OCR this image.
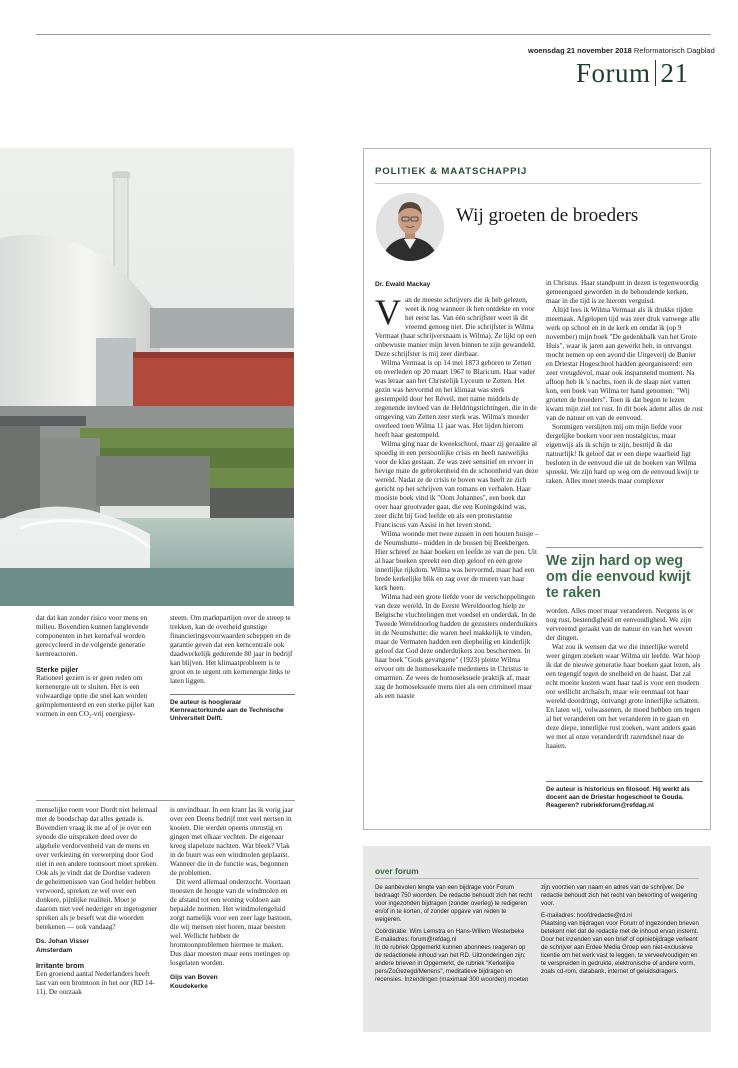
woensdag 21 november 2018 Reformatorisch Dagblad
Forum 21

dat dat kan zonder risico voor mens en milieu. Bovendien kunnen langlevende componenten in het kernafval worden gerecycleerd in de volgende generatie kernreactoren.

Sterke pijler

Rationeel gezien is er geen reden om kernenergie uit te sluiten. Het is een volwaardige optie die snel kan worden geïmplementeerd en een sterke pijler kan vormen in een CO₂-vrij energiesy-

steem. Om marktpartijen over de streep te trekken, kan de overheid gunstige financieringsvoorwaarden scheppen en de garantie geven dat een kerncentrale ook daadwerkelijk gedurende 80 jaar in bedrijf kan blijven. Het klimaatprobleem is te groot en te urgent om kernenergie links te laten liggen.

De auteur is hoogleraar Kernreactorkunde aan de Technische Universiteit Delft.

menselijke roem voor Dordt niet helemaal met de boodschap dat alles genade is. Bovendien vraag ik me af of je over een synode die uitspraken deed over de algehele verdorvenheid van de mens en over verkiezing én verwerping door God niet in een andere toonsoort moet spreken. Ook als je vindt dat de Dordtse vaderen de geheimenissen van God helder hebben verwoord, spreken ze wel over een donkere, pijnlijke realiteit. Moet je daarom niet veel nederiger en ingetogener spreken als je beseft wat die woorden betekenen — ook vandaag?

Ds. Johan Visser
Amsterdam
Irritante brom

Een groeiend aantal Nederlanders heeft last van een bromtoon in het oor (RD 14-11). De oorzaak

is onvindbaar. In een krant las ik vorig jaar over een Deens bedrijf met veel nertsen in kooien. Die werden opeens onrustig en gingen met elkaar vechten. De eigenaar kreeg slapeloze nachten. Wat bleek? Vlak in de buurt was een windmolen geplaatst. Wanneer die in de functie was, begonnen de problemen.

Dit werd allemaal onderzocht. Voortaan moesten de hoogte van de windmolen en de afstand tot een woning voldoen aan bepaalde normen. Het windmolengeluid zorgt namelijk voor een zeer lage bastoon, die wij mensen niet horen, maar beesten wel. Wellicht hebben de bromtoonproblemen hiermee te maken. Dus daar moesten maar eens metingen op losgelaten worden.

Gijs van Boven
Koudekerke
POLITIEK & MAATSCHAPPIJ
Wij groeten de broeders
Dr. Ewald Mackay

Van de meeste schrijvers die ik heb gelezen, weet ik nog wanneer ik hen ontdekte en voor het eerst las. Van één schrijfster weet ik dit vreemd genoeg niet. Die schrijfster is Wilma Vermaat (haar schrijversnaam is Wilma). Ze lijkt op een onbewuste manier mijn leven binnen te zijn gewandeld. Deze schrijfster is mij zeer dierbaar.

Wilma Vermaat is op 14 mei 1873 geboren te Zetten en overleden op 20 maart 1967 te Blaricum. Haar vader was leraar aan het Christelijk Lyceum te Zetten. Het gezin was hervormd en het klimaat was sterk gestempeld door het Réveil, met name middels de zegenende invloed van de Heldringstichtingen, die in de omgeving van Zetten zeer sterk was. Wilma's moeder overleed toen Wilma 11 jaar was. Het lijden hierom heeft haar gestempeld.

Wilma ging naar de kweekschool, maar zij geraakte al spoedig in een persoonlijke crisis en heeft nauwelijks voor de klas gestaan. Ze was zeer sensitief en ervoer in hevige mate de gebrokenheid én de schoonheid van deze wereld. Nadat ze de crisis te boven was heeft ze zich gericht op het schrijven van romans en verhalen. Haar mooiste boek vind ik "Oom Johannes", een boek dat over haar grootvader gaat, die een Koningskind was, zeer dicht bij God leefde en als een protestantse Franciscus van Assisi in het leven stond.

Wilma woonde met twee zussen in een houten huisje –de Neumshutte– midden in de bossen bij Beekbergen. Hier schreef ze haar boeken en leefde ze van de pen. Uit al haar boeken spreekt een diep geloof en een grote innerlijke rijkdom. Wilma was hervormd, maar had een brede kerkelijke blik en zag over de muren van haar kerk heen.

Wilma had een grote liefde voor de verschoppelingen van deze wereld. In de Eerste Wereldoorlog hielp ze Belgische vluchtelingen met voedsel en onderdak. In de Tweede Wereldoorlog hadden de gezusters onderduikers in de Neumshutte: die waren heel makkelijk te vinden, maar de Vermaten hadden een diepheilig en kinderlijk geloof dat God deze onderduikers zou beschermen. In haar boek "Gods gevangene" (1923) pleitte Wilma ervoor om de homoseksuele medemens in Christus te omarmen. Ze wees de homoseksuele praktijk af, maar zag de homoseksuele mens niet als een crimineel maar als een naaste

in Christus. Haar standpunt in dezen is tegenwoordig gemeengoed geworden in de behoudende kerken, maar in die tijd is ze hierom verguisd.

Altijd lees ik Wilma Vermaat als ik drukke tijden meemaak. Afgelopen tijd was zeer druk vanwege alle werk op school en in de kerk en omdat ik (op 9 november) mijn boek "De gedenkbalk van het Grote Huis", waar ik jaren aan gewerkt heb, in ontvangst mocht nemen op een avond die Uitgeverij de Banier en Driestar Hogeschool hadden georganiseerd: een zeer vreugdevol, maar ook inspannend moment. Na afloop heb ik 's nachts, toen ik de slaap niet vatten kon, een boek van Wilma ter hand genomen: "Wij groeten de broeders". Toen ik dat begon te lezen kwam mijn ziel tot rust. In dit boek ademt alles de rust van de natuur en van de eenvoud.

Sommigen verslijten mij om mijn liefde voor dergelijke boeken voor een nostalgicus, maar eigenwijs als ik schijn te zijn, bestrijd ik dat natuurlijk! Ik geloof dat er een diepe waarheid ligt besloten in de eenvoud die uit de boeken van Wilma spreekt. We zijn hard op weg om de eenvoud kwijt te raken. Alles moet steeds maar complexer

We zijn hard op weg om die eenvoud kwijt te raken

worden. Alles moet maar veranderen. Nergens is er nog rust, bestendigheid en eenvoudigheid. We zijn vervreemd geraakt van de natuur en van het weven der dingen.

Wat zou ik wensen dat we die innerlijke wereld weer gingen zoeken waar Wilma uit leefde. Wat hoop ik dat de nieuwe generatie haar boeken gaat lezen, als een tegengif tegen de snelheid en de haast. Dat zal echt moeite kosten want haar taal is voor een modern oor wellicht archaïsch, maar wie eenmaal tot haar wereld doordringt, ontvangt grote innerlijke schatten. En laten wij, volwassenen, de moed hebben om tegen al het veranderen om het veranderen in te gaan en deze diepe, innerlijke rust zoeken, want anders gaan we met al onze veranderdrift razendsnel naar de haaien.

De auteur is historicus en filosoof. Hij werkt als docent aan de Driestar hogeschool te Gouda. Reageren? rubriekforum@refdag.nl
over forum

De aanbevolen lengte van een bijdrage voor Forum bedraagt 750 woorden. De redactie behoudt zich het recht voor ingezonden bijdragen (zonder overleg) te redigeren en/of in te korten, of zonder opgave van reden te weigeren.

Coördinatie: Wim Lemstra en Hans-Willem Westerbeke

E-mailadres: forum@refdag.nl

In de rubriek Opgemerkt kunnen abonnees reageren op de redactionele inhoud van het RD. Uitzonderingen zijn: andere brieven in Opgemerkt, de rubriek "Kerkelijke pers/ZoGezegd/Menens", meditatieve bijdragen en recensies. Inzendingen (maximaal 300 woorden) moeten

zijn voorzien van naam en adres van de schrijver. De redactie behoudt zich het recht van bekorting of weigering voor.

E-mailadres: hoofdredactie@rd.nl

Plaatsing van bijdragen voor Forum of ingezonden brieven betekent niet dat de redactie met de inhoud ervan instemt.

Door het inzenden van een brief of opiniebijdrage verleent de schrijver aan Erdee Media Groep een niet-exclusieve licentie om het werk vast te leggen, te verveelvoudigen en te verspreiden in gedrukte, elektronische of andere vorm, zoals cd-rom, databank, internet of geluidsdragers.
